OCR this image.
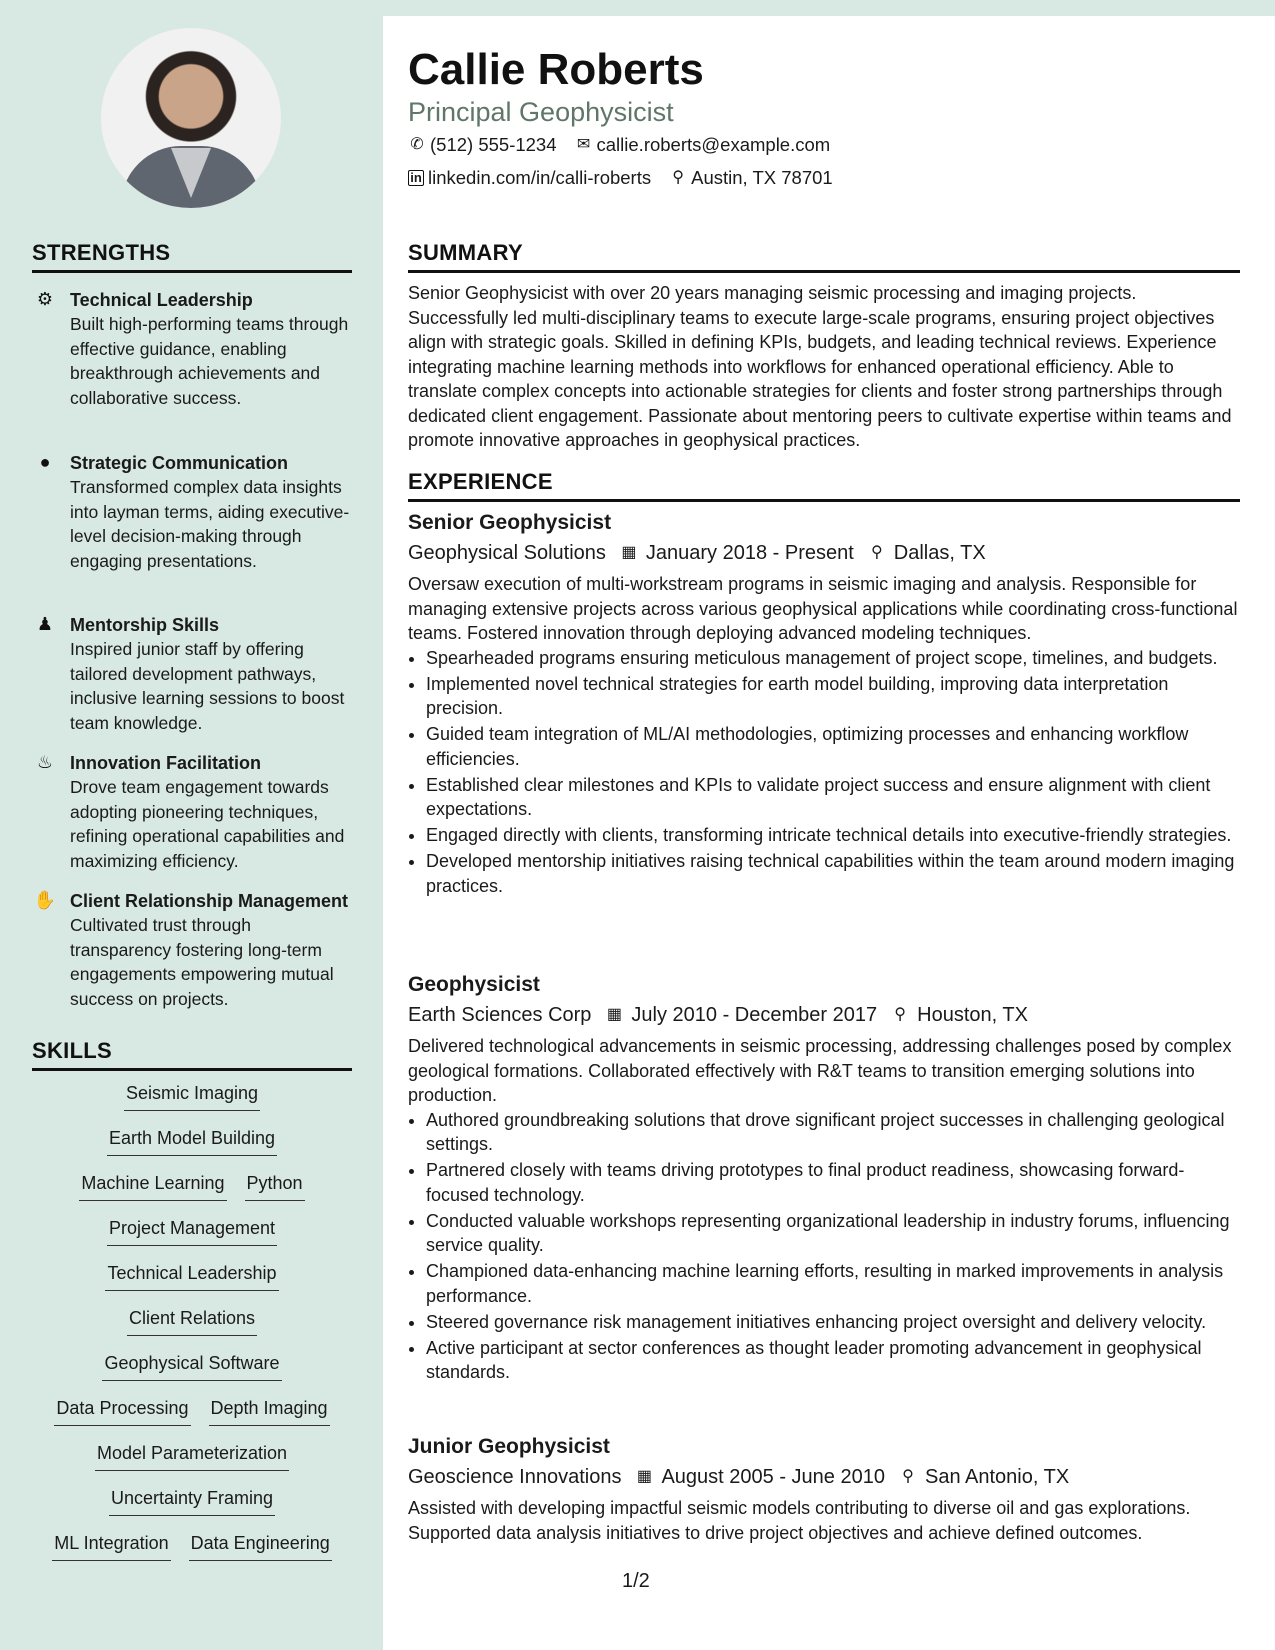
STRENGTHS
⚙ Technical Leadership
Built high-performing teams through effective guidance, enabling breakthrough achievements and collaborative success.
●	Strategic Communication
Transformed complex data insights into layman terms, aiding executive-level decision-making through engaging presentations.
♟ Mentorship Skills
Inspired junior staff by offering tailored development pathways, inclusive learning sessions to boost team knowledge.
♨ Innovation Facilitation
Drove team engagement towards adopting pioneering techniques, refining operational capabilities and maximizing efficiency.
✋ Client Relationship Management
Cultivated trust through transparency fostering long-term engagements empowering mutual success on projects.
SKILLS
Seismic Imaging
Earth Model Building
Machine Learning Python
Project Management
Technical Leadership
Client Relations
Geophysical Software
Data Processing Depth Imaging
Model Parameterization
Uncertainty Framing
ML Integration Data Engineering
Callie Roberts
Principal Geophysicist
✆ (512) 555-1234 ✉ callie.roberts@example.com
in linkedin.com/in/calli-roberts ⚲ Austin, TX 78701
SUMMARY
Senior Geophysicist with over 20 years managing seismic processing and imaging projects. Successfully led multi-disciplinary teams to execute large-scale programs, ensuring project objectives align with strategic goals. Skilled in defining KPIs, budgets, and leading technical reviews. Experience integrating machine learning methods into workflows for enhanced operational efficiency. Able to translate complex concepts into actionable strategies for clients and foster strong partnerships through dedicated client engagement. Passionate about mentoring peers to cultivate expertise within teams and promote innovative approaches in geophysical practices.
EXPERIENCE
Senior Geophysicist
Geophysical Solutions ▦ January 2018 - Present ⚲ Dallas, TX
Oversaw execution of multi-workstream programs in seismic imaging and analysis. Responsible for managing extensive projects across various geophysical applications while coordinating cross-functional teams. Fostered innovation through deploying advanced modeling techniques.
• Spearheaded programs ensuring meticulous management of project scope, timelines, and budgets.
• Implemented novel technical strategies for earth model building, improving data interpretation precision.
• Guided team integration of ML/AI methodologies, optimizing processes and enhancing workflow efficiencies.
• Established clear milestones and KPIs to validate project success and ensure alignment with client expectations.
• Engaged directly with clients, transforming intricate technical details into executive-friendly strategies.
• Developed mentorship initiatives raising technical capabilities within the team around modern imaging practices.
Geophysicist
Earth Sciences Corp ▦ July 2010 - December 2017 ⚲ Houston, TX
Delivered technological advancements in seismic processing, addressing challenges posed by complex geological formations. Collaborated effectively with R&T teams to transition emerging solutions into production.
• Authored groundbreaking solutions that drove significant project successes in challenging geological settings.
• Partnered closely with teams driving prototypes to final product readiness, showcasing forward-focused technology.
• Conducted valuable workshops representing organizational leadership in industry forums, influencing service quality.
• Championed data-enhancing machine learning efforts, resulting in marked improvements in analysis performance.
• Steered governance risk management initiatives enhancing project oversight and delivery velocity.
• Active participant at sector conferences as thought leader promoting advancement in geophysical standards.
Junior Geophysicist
Geoscience Innovations ▦ August 2005 - June 2010 ⚲ San Antonio, TX
Assisted with developing impactful seismic models contributing to diverse oil and gas explorations. Supported data analysis initiatives to drive project objectives and achieve defined outcomes.
1/2
